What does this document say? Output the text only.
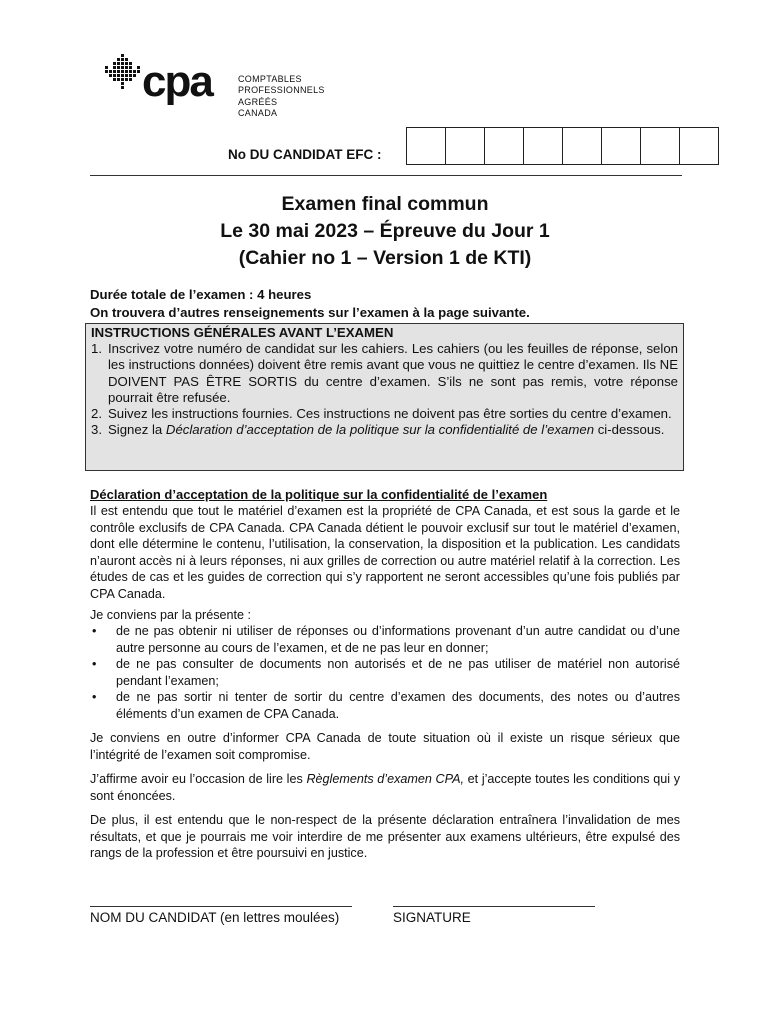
cpa	COMPTABLES
PROFESSIONNELS
AGRÉÉS
CANADA
No DU CANDIDAT EFC :
Examen final commun
Le 30 mai 2023 – Épreuve du Jour 1
(Cahier no 1 – Version 1 de KTI)
Durée totale de l’examen : 4 heures
On trouvera d’autres renseignements sur l’examen à la page suivante.
INSTRUCTIONS GÉNÉRALES AVANT L’EXAMEN
1. Inscrivez votre numéro de candidat sur les cahiers. Les cahiers (ou les feuilles de réponse, selon les instructions données) doivent être remis avant que vous ne quittiez le centre d’examen. Ils NE DOIVENT PAS ÊTRE SORTIS du centre d’examen. S’ils ne sont pas remis, votre réponse pourrait être refusée.
2. Suivez les instructions fournies. Ces instructions ne doivent pas être sorties du centre d’examen.
3. Signez la Déclaration d’acceptation de la politique sur la confidentialité de l’examen ci-dessous.
Déclaration d’acceptation de la politique sur la confidentialité de l’examen
Il est entendu que tout le matériel d’examen est la propriété de CPA Canada, et est sous la garde et le contrôle exclusifs de CPA Canada. CPA Canada détient le pouvoir exclusif sur tout le matériel d’examen, dont elle détermine le contenu, l’utilisation, la conservation, la disposition et la publication. Les candidats n’auront accès ni à leurs réponses, ni aux grilles de correction ou autre matériel relatif à la correction. Les études de cas et les guides de correction qui s’y rapportent ne seront accessibles qu’une fois publiés par CPA Canada.
Je conviens par la présente :
•	de ne pas obtenir ni utiliser de réponses ou d’informations provenant d’un autre candidat ou d’une autre personne au cours de l’examen, et de ne pas leur en donner;
•	de ne pas consulter de documents non autorisés et de ne pas utiliser de matériel non autorisé pendant l’examen;
•	de ne pas sortir ni tenter de sortir du centre d’examen des documents, des notes ou d’autres éléments d’un examen de CPA Canada.
Je conviens en outre d’informer CPA Canada de toute situation où il existe un risque sérieux que l’intégrité de l’examen soit compromise.
J’affirme avoir eu l’occasion de lire les Règlements d’examen CPA, et j’accepte toutes les conditions qui y sont énoncées.
De plus, il est entendu que le non-respect de la présente déclaration entraînera l’invalidation de mes résultats, et que je pourrais me voir interdire de me présenter aux examens ultérieurs, être expulsé des rangs de la profession et être poursuivi en justice.
NOM DU CANDIDAT (en lettres moulées)	SIGNATURE
